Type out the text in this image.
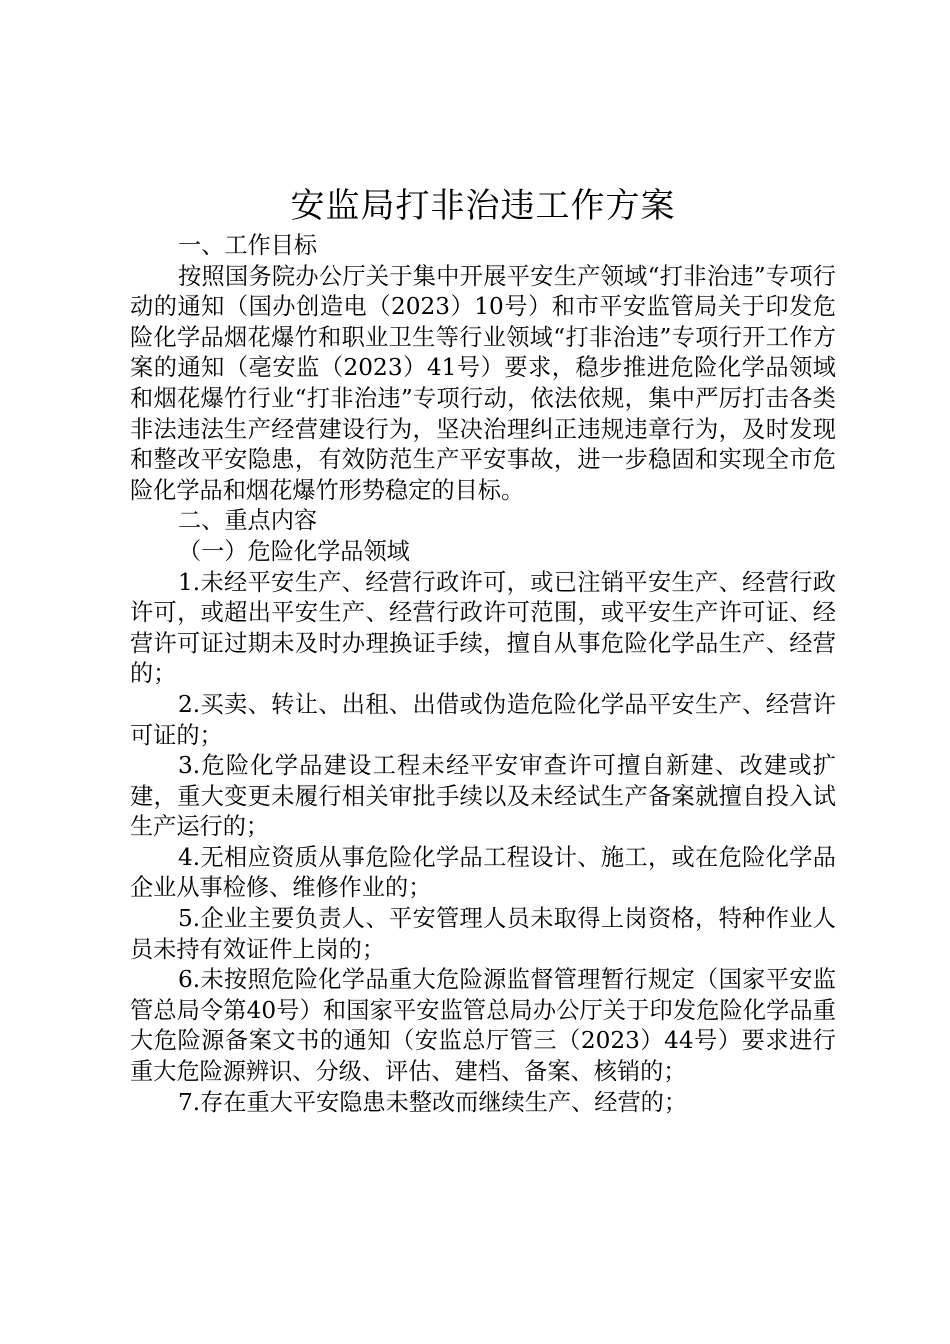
安监局打非治违工作方案

一、工作目标

按照国务院办公厅关于集中开展平安生产领域“打非治违”专项行动的通知（国办创造电（2023）10号）和市平安监管局关于印发危险化学品烟花爆竹和职业卫生等行业领域“打非治违”专项行开工作方案的通知（亳安监（2023）41号）要求，稳步推进危险化学品领域和烟花爆竹行业“打非治违”专项行动，依法依规，集中严厉打击各类非法违法生产经营建设行为，坚决治理纠正违规违章行为，及时发现和整改平安隐患，有效防范生产平安事故，进一步稳固和实现全市危险化学品和烟花爆竹形势稳定的目标。

二、重点内容

（一）危险化学品领域

1.未经平安生产、经营行政许可，或已注销平安生产、经营行政许可，或超出平安生产、经营行政许可范围，或平安生产许可证、经营许可证过期未及时办理换证手续，擅自从事危险化学品生产、经营的；

2.买卖、转让、出租、出借或伪造危险化学品平安生产、经营许可证的；

3.危险化学品建设工程未经平安审查许可擅自新建、改建或扩建，重大变更未履行相关审批手续以及未经试生产备案就擅自投入试生产运行的；

4.无相应资质从事危险化学品工程设计、施工，或在危险化学品企业从事检修、维修作业的；

5.企业主要负责人、平安管理人员未取得上岗资格，特种作业人员未持有效证件上岗的；

6.未按照危险化学品重大危险源监督管理暂行规定（国家平安监管总局令第40号）和国家平安监管总局办公厅关于印发危险化学品重大危险源备案文书的通知（安监总厅管三（2023）44号）要求进行重大危险源辨识、分级、评估、建档、备案、核销的；

7.存在重大平安隐患未整改而继续生产、经营的；
